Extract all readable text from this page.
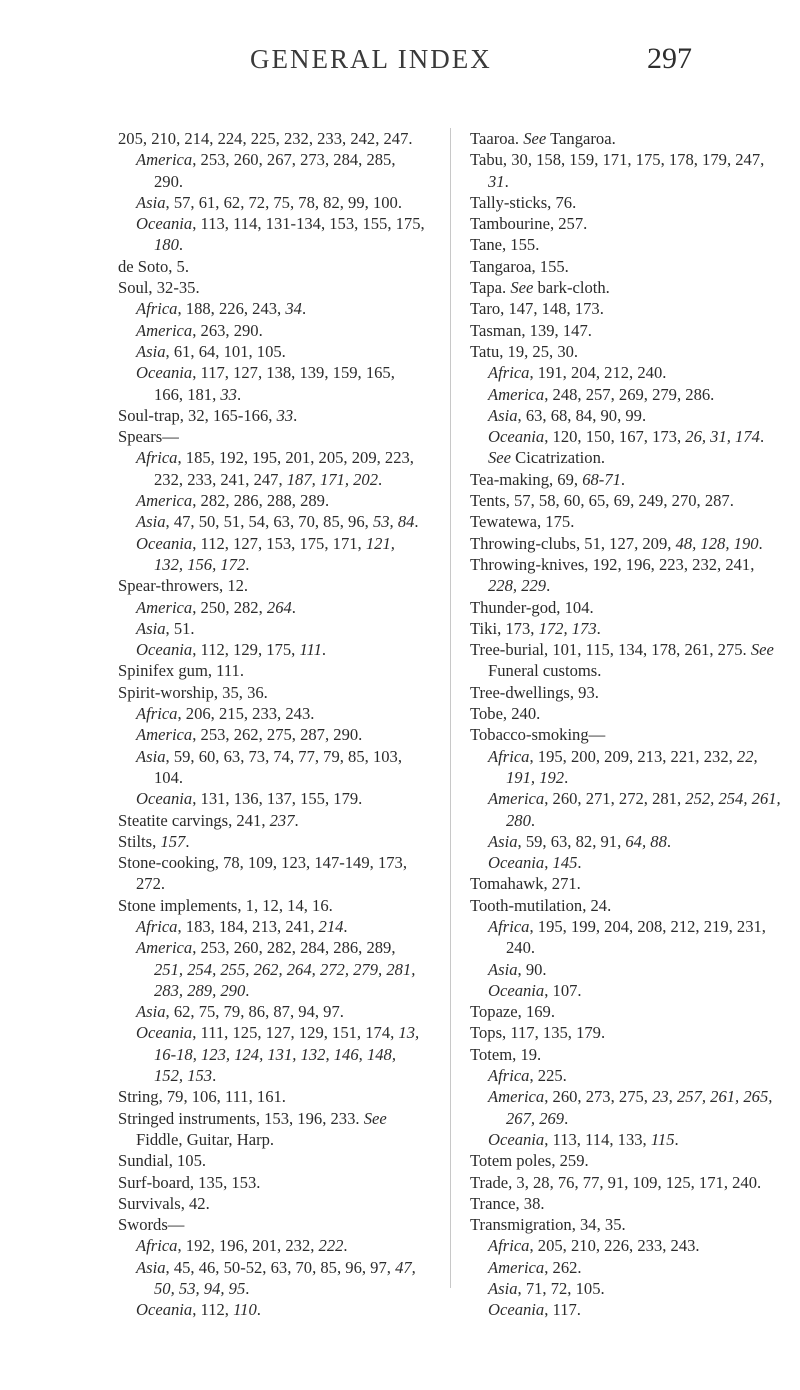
GENERAL INDEX	297

205, 210, 214, 224, 225, 232, 233, 242, 247.

America, 253, 260, 267, 273, 284, 285, 290.

Asia, 57, 61, 62, 72, 75, 78, 82, 99, 100.

Oceania, 113, 114, 131-134, 153, 155, 175, 180.

de Soto, 5.

Soul, 32-35.

Africa, 188, 226, 243, 34.

America, 263, 290.

Asia, 61, 64, 101, 105.

Oceania, 117, 127, 138, 139, 159, 165, 166, 181, 33.

Soul-trap, 32, 165-166, 33.

Spears—

Africa, 185, 192, 195, 201, 205, 209, 223, 232, 233, 241, 247, 187, 171, 202.

America, 282, 286, 288, 289.

Asia, 47, 50, 51, 54, 63, 70, 85, 96, 53, 84.

Oceania, 112, 127, 153, 175, 171, 121, 132, 156, 172.

Spear-throwers, 12.

America, 250, 282, 264.

Asia, 51.

Oceania, 112, 129, 175, 111.

Spinifex gum, 111.

Spirit-worship, 35, 36.

Africa, 206, 215, 233, 243.

America, 253, 262, 275, 287, 290.

Asia, 59, 60, 63, 73, 74, 77, 79, 85, 103, 104.

Oceania, 131, 136, 137, 155, 179.

Steatite carvings, 241, 237.

Stilts, 157.

Stone-cooking, 78, 109, 123, 147-149, 173, 272.

Stone implements, 1, 12, 14, 16.

Africa, 183, 184, 213, 241, 214.

America, 253, 260, 282, 284, 286, 289, 251, 254, 255, 262, 264, 272, 279, 281, 283, 289, 290.

Asia, 62, 75, 79, 86, 87, 94, 97.

Oceania, 111, 125, 127, 129, 151, 174, 13, 16-18, 123, 124, 131, 132, 146, 148, 152, 153.

String, 79, 106, 111, 161.

Stringed instruments, 153, 196, 233. See Fiddle, Guitar, Harp.

Sundial, 105.

Surf-board, 135, 153.

Survivals, 42.

Swords—

Africa, 192, 196, 201, 232, 222.

Asia, 45, 46, 50-52, 63, 70, 85, 96, 97, 47, 50, 53, 94, 95.

Oceania, 112, 110.

Taaroa. See Tangaroa.

Tabu, 30, 158, 159, 171, 175, 178, 179, 247, 31.

Tally-sticks, 76.

Tambourine, 257.

Tane, 155.

Tangaroa, 155.

Tapa. See bark-cloth.

Taro, 147, 148, 173.

Tasman, 139, 147.

Tatu, 19, 25, 30.

Africa, 191, 204, 212, 240.

America, 248, 257, 269, 279, 286.

Asia, 63, 68, 84, 90, 99.

Oceania, 120, 150, 167, 173, 26, 31, 174.

See Cicatrization.

Tea-making, 69, 68-71.

Tents, 57, 58, 60, 65, 69, 249, 270, 287.

Tewatewa, 175.

Throwing-clubs, 51, 127, 209, 48, 128, 190.

Throwing-knives, 192, 196, 223, 232, 241, 228, 229.

Thunder-god, 104.

Tiki, 173, 172, 173.

Tree-burial, 101, 115, 134, 178, 261, 275. See Funeral customs.

Tree-dwellings, 93.

Tobe, 240.

Tobacco-smoking—

Africa, 195, 200, 209, 213, 221, 232, 22, 191, 192.

America, 260, 271, 272, 281, 252, 254, 261, 280.

Asia, 59, 63, 82, 91, 64, 88.

Oceania, 145.

Tomahawk, 271.

Tooth-mutilation, 24.

Africa, 195, 199, 204, 208, 212, 219, 231, 240.

Asia, 90.

Oceania, 107.

Topaze, 169.

Tops, 117, 135, 179.

Totem, 19.

Africa, 225.

America, 260, 273, 275, 23, 257, 261, 265, 267, 269.

Oceania, 113, 114, 133, 115.

Totem poles, 259.

Trade, 3, 28, 76, 77, 91, 109, 125, 171, 240.

Trance, 38.

Transmigration, 34, 35.

Africa, 205, 210, 226, 233, 243.

America, 262.

Asia, 71, 72, 105.

Oceania, 117.
